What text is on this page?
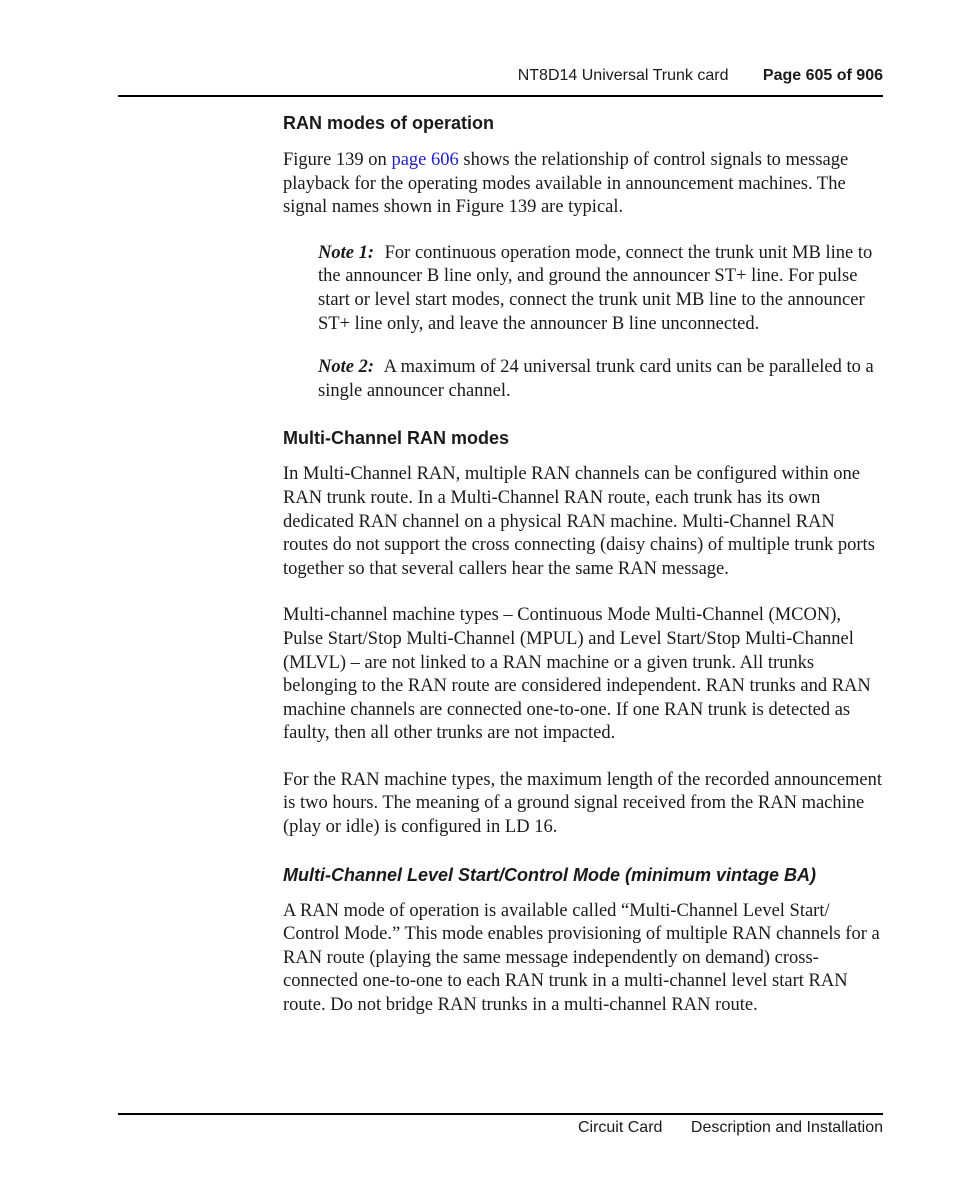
NT8D14 Universal Trunk card Page 605 of 906
RAN modes of operation

Figure 139 on page 606 shows the relationship of control signals to message playback for the operating modes available in announcement machines. The signal names shown in Figure 139 are typical.

Note 1: For continuous operation mode, connect the trunk unit MB line to the announcer B line only, and ground the announcer ST+ line. For pulse start or level start modes, connect the trunk unit MB line to the announcer ST+ line only, and leave the announcer B line unconnected.

Note 2: A maximum of 24 universal trunk card units can be paralleled to a single announcer channel.

Multi-Channel RAN modes

In Multi-Channel RAN, multiple RAN channels can be configured within one RAN trunk route. In a Multi-Channel RAN route, each trunk has its own dedicated RAN channel on a physical RAN machine. Multi-Channel RAN routes do not support the cross connecting (daisy chains) of multiple trunk ports together so that several callers hear the same RAN message.

Multi-channel machine types – Continuous Mode Multi-Channel (MCON), Pulse Start/Stop Multi-Channel (MPUL) and Level Start/Stop Multi-Channel (MLVL) – are not linked to a RAN machine or a given trunk. All trunks belonging to the RAN route are considered independent. RAN trunks and RAN machine channels are connected one-to-one. If one RAN trunk is detected as faulty, then all other trunks are not impacted.

For the RAN machine types, the maximum length of the recorded announcement is two hours. The meaning of a ground signal received from the RAN machine (play or idle) is configured in LD 16.

Multi-Channel Level Start/Control Mode (minimum vintage BA)

A RAN mode of operation is available called “Multi-Channel Level Start/ Control Mode.” This mode enables provisioning of multiple RAN channels for a RAN route (playing the same message independently on demand) cross-connected one-to-one to each RAN trunk in a multi-channel level start RAN route. Do not bridge RAN trunks in a multi-channel RAN route.

Circuit Card Description and Installation
